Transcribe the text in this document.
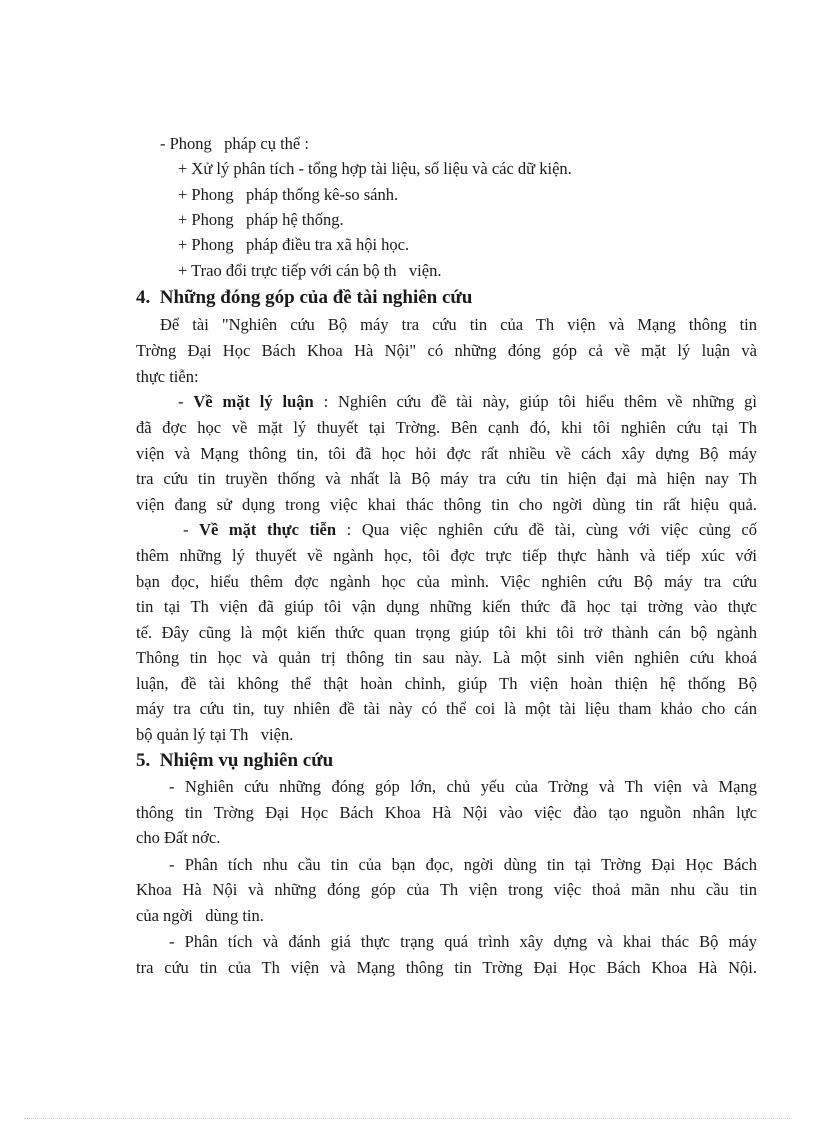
- Phong   pháp cụ thể :
+ Xử lý phân tích - tổng hợp tài liệu, số liệu và các dữ kiện.
+ Phong   pháp thống kê-so sánh.
+ Phong   pháp hệ thống.
+ Phong   pháp điều tra xã hội học.
+ Trao đổi trực tiếp với cán bộ th   viện.
4.  Những đóng góp của đề tài nghiên cứu
Để tài "Nghiên cứu Bộ máy tra cứu tin của Th viện và Mạng thông tin
Trờng Đại Học Bách Khoa Hà Nội" có những đóng góp cả về mặt lý luận và
thực tiễn:
- Về mặt lý luận : Nghiên cứu đề tài này, giúp tôi hiểu thêm về những gì
đã đợc học về mặt lý thuyết tại Trờng. Bên cạnh đó, khi tôi nghiên cứu tại Th
viện và Mạng thông tin, tôi đã học hỏi đợc rất nhiều về cách xây dựng Bộ máy
tra cứu tin truyền thống và nhất là Bộ máy tra cứu tin hiện đại mà hiện nay Th
viện đang sử dụng trong việc khai thác thông tin cho ngời dùng tin rất hiệu quả.
- Về mặt thực tiễn : Qua việc nghiên cứu đề tài, cùng với việc củng cố
thêm những lý thuyết về ngành học, tôi đợc trực tiếp thực hành và tiếp xúc với
bạn đọc, hiểu thêm đợc ngành học của mình. Việc nghiên cứu Bộ máy tra cứu
tin tại Th viện đã giúp tôi vận dụng những kiến thức đã học tại trờng vào thực
tế. Đây cũng là một kiến thức quan trọng giúp tôi khi tôi trở thành cán bộ ngành
Thông tin học và quản trị thông tin sau này. Là một sinh viên nghiên cứu khoá
luận, đề tài không thể thật hoàn chỉnh, giúp Th viện hoàn thiện hệ thống Bộ
máy tra cứu tin, tuy nhiên đề tài này có thể coi là một tài liệu tham khảo cho cán
bộ quản lý tại Th   viện.
5.  Nhiệm vụ nghiên cứu
- Nghiên cứu những đóng góp lớn, chủ yếu của Trờng và Th viện và Mạng
thông tin Trờng Đại Học Bách Khoa Hà Nội vào việc đào tạo nguồn nhân lực
cho Đất nớc.
- Phân tích nhu cầu tin của bạn đọc, ngời dùng tin tại Trờng Đại Học Bách
Khoa Hà Nội và những đóng góp của Th viện trong việc thoả mãn nhu cầu tin
của ngời   dùng tin.
- Phân tích và đánh giá thực trạng quá trình xây dựng và khai thác Bộ máy
tra cứu tin của Th viện và Mạng thông tin Trờng Đại Học Bách Khoa Hà Nội.
